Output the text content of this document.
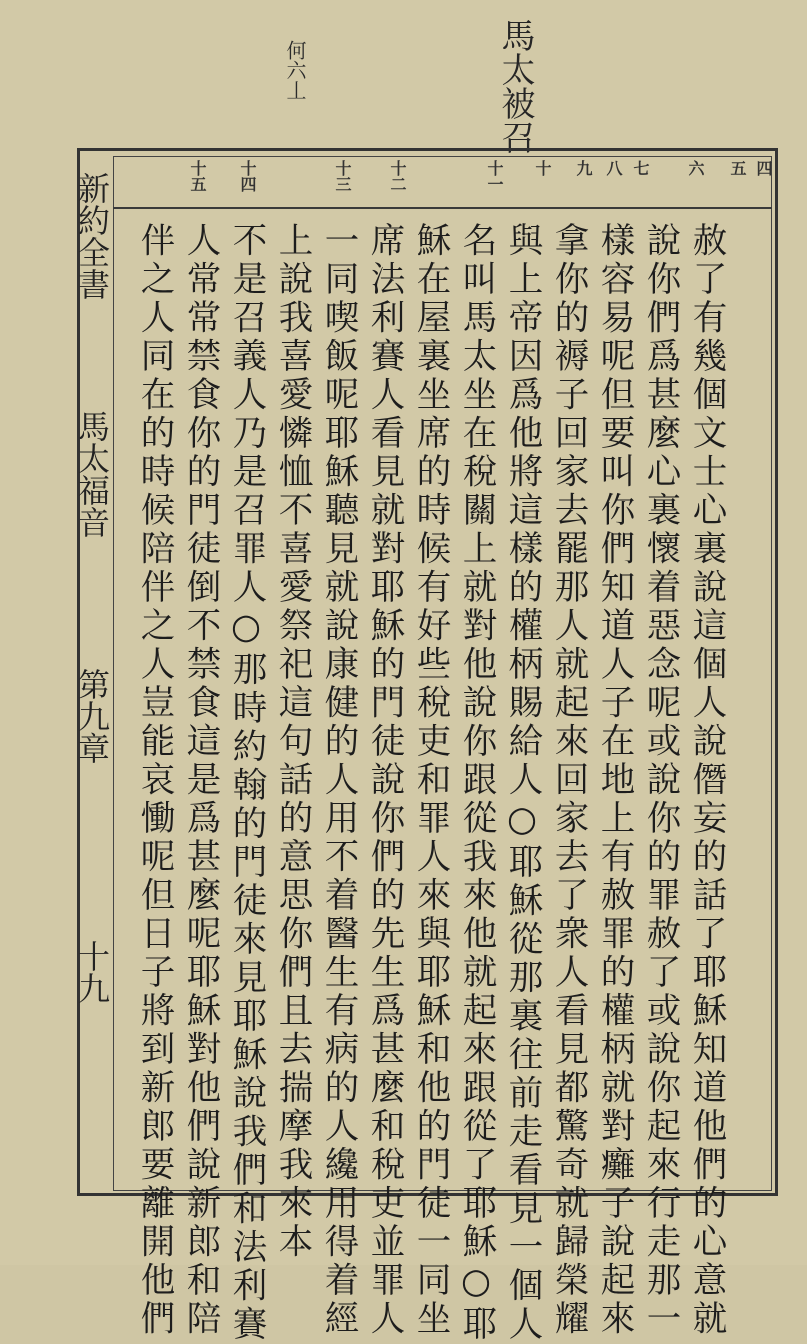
馬太被召
何六丄
新約全書
馬太福音
第九章
十九
十五 十四	十三 十二	十一 十 九 八 七 六 五 四
赦了有幾個文士心裏說這個人說僭妄的話了耶穌知道他們的心意就
說你們爲甚麼心裏懷着惡念呢或說你的罪赦了或說你起來行走那一
樣容易呢但要叫你們知道人子在地上有赦罪的權柄就對癱子說起來
拿你的褥子回家去罷那人就起來回家去了衆人看見都驚奇就歸榮耀
與上帝因爲他將這樣的權柄賜給人○耶穌從那裏往前走看見一個人
名叫馬太坐在稅關上就對他說你跟從我來他就起來跟從了耶穌○耶
穌在屋裏坐席的時候有好些稅吏和罪人來與耶穌和他的門徒一同坐
席法利賽人看見就對耶穌的門徒說你們的先生爲甚麼和稅吏並罪人
一同喫飯呢耶穌聽見就說康健的人用不着醫生有病的人纔用得着經
上說我喜愛憐恤不喜愛祭祀這句話的意思你們且去揣摩我來本
不是召義人乃是召罪人○那時約翰的門徒來見耶穌說我們和法利賽
人常常禁食你的門徒倒不禁食這是爲甚麼呢耶穌對他們說新郎和陪
伴之人同在的時候陪伴之人豈能哀慟呢但日子將到新郎要離開他們
